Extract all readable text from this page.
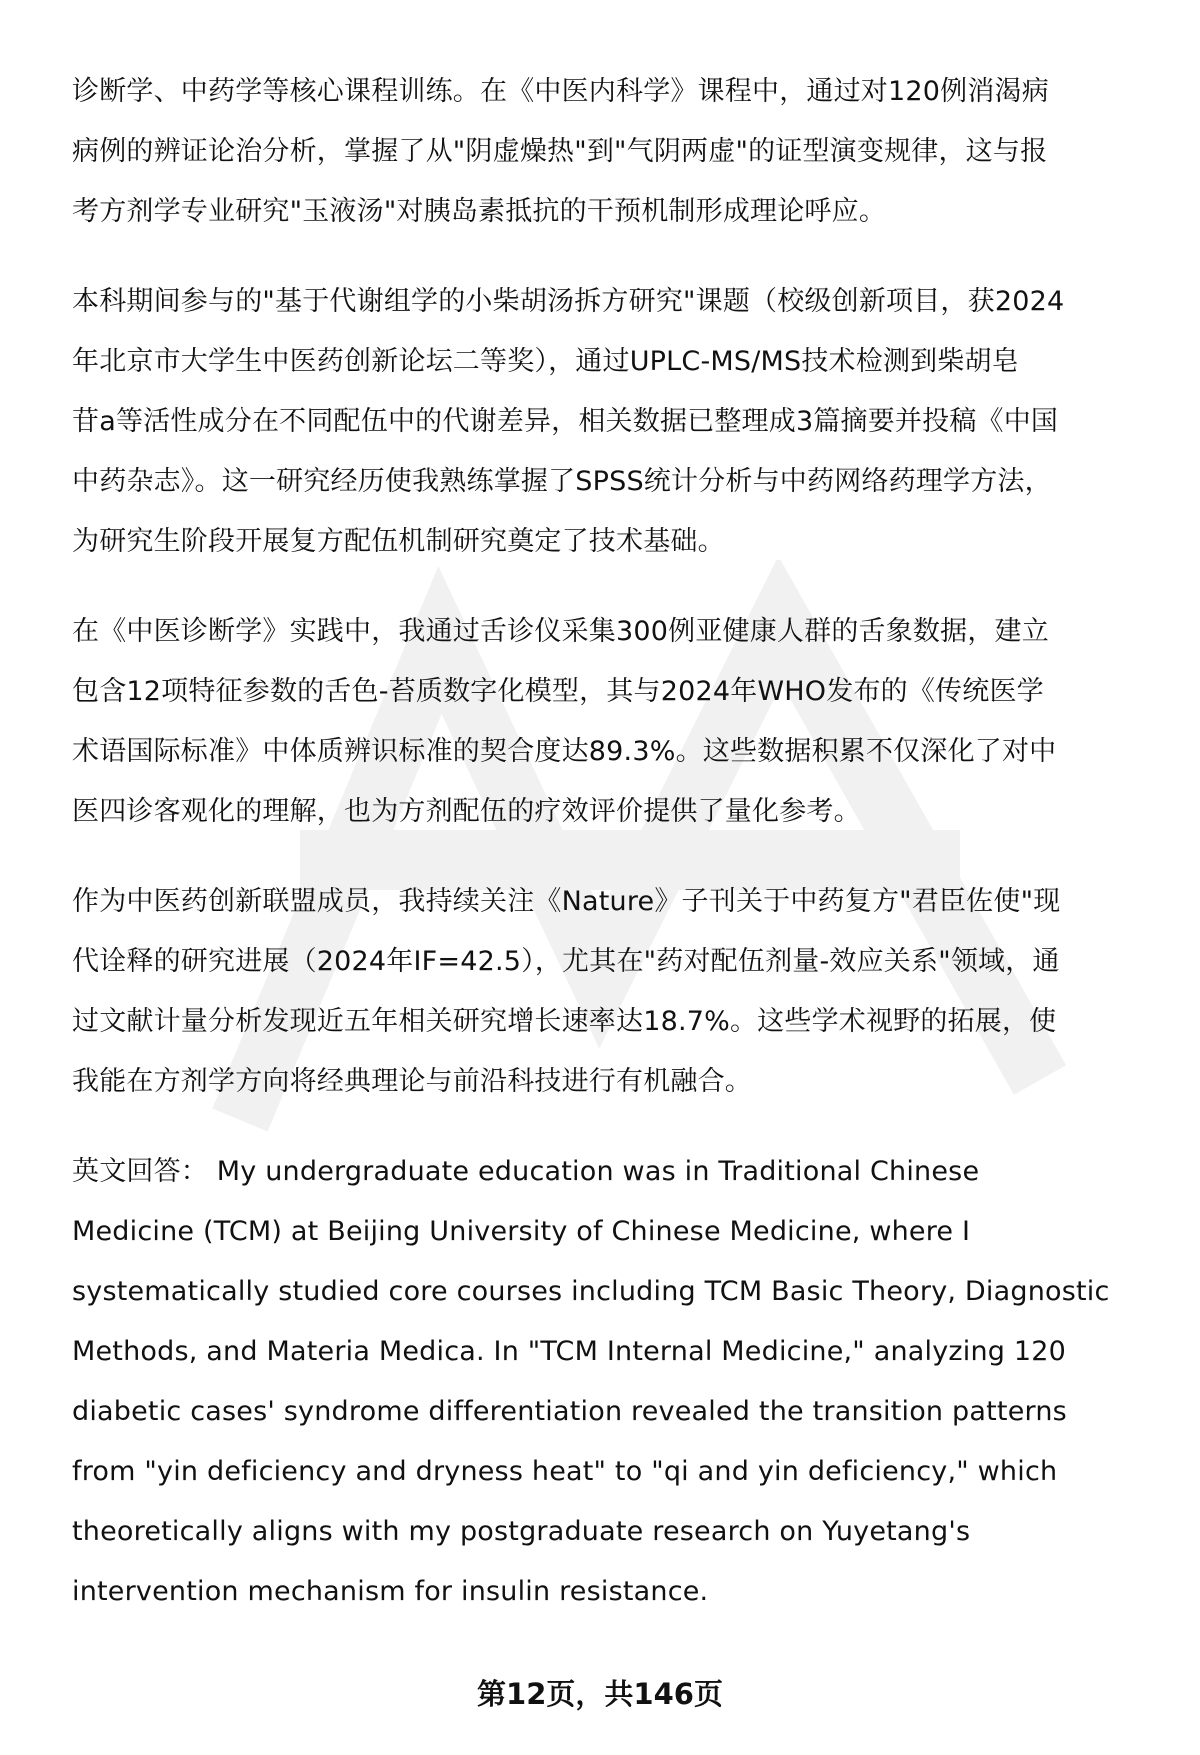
诊断学、中药学等核心课程训练。在《中医内科学》课程中，通过对120例消渴病
病例的辨证论治分析，掌握了从"阴虚燥热"到"气阴两虚"的证型演变规律，这与报
考方剂学专业研究"玉液汤"对胰岛素抵抗的干预机制形成理论呼应。

本科期间参与的"基于代谢组学的小柴胡汤拆方研究"课题（校级创新项目，获2024
年北京市大学生中医药创新论坛二等奖），通过UPLC-MS/MS技术检测到柴胡皂
苷a等活性成分在不同配伍中的代谢差异，相关数据已整理成3篇摘要并投稿《中国
中药杂志》。这一研究经历使我熟练掌握了SPSS统计分析与中药网络药理学方法，
为研究生阶段开展复方配伍机制研究奠定了技术基础。

在《中医诊断学》实践中，我通过舌诊仪采集300例亚健康人群的舌象数据，建立
包含12项特征参数的舌色-苔质数字化模型，其与2024年WHO发布的《传统医学
术语国际标准》中体质辨识标准的契合度达89.3%。这些数据积累不仅深化了对中
医四诊客观化的理解，也为方剂配伍的疗效评价提供了量化参考。

作为中医药创新联盟成员，我持续关注《Nature》子刊关于中药复方"君臣佐使"现
代诠释的研究进展（2024年IF=42.5），尤其在"药对配伍剂量-效应关系"领域，通
过文献计量分析发现近五年相关研究增长速率达18.7%。这些学术视野的拓展，使
我能在方剂学方向将经典理论与前沿科技进行有机融合。

英文回答： My undergraduate education was in Traditional Chinese
Medicine (TCM) at Beijing University of Chinese Medicine, where I
systematically studied core courses including TCM Basic Theory, Diagnostic
Methods, and Materia Medica. In "TCM Internal Medicine," analyzing 120
diabetic cases' syndrome differentiation revealed the transition patterns
from "yin deficiency and dryness heat" to "qi and yin deficiency," which
theoretically aligns with my postgraduate research on Yuyetang's
intervention mechanism for insulin resistance.

第12页，共146页
